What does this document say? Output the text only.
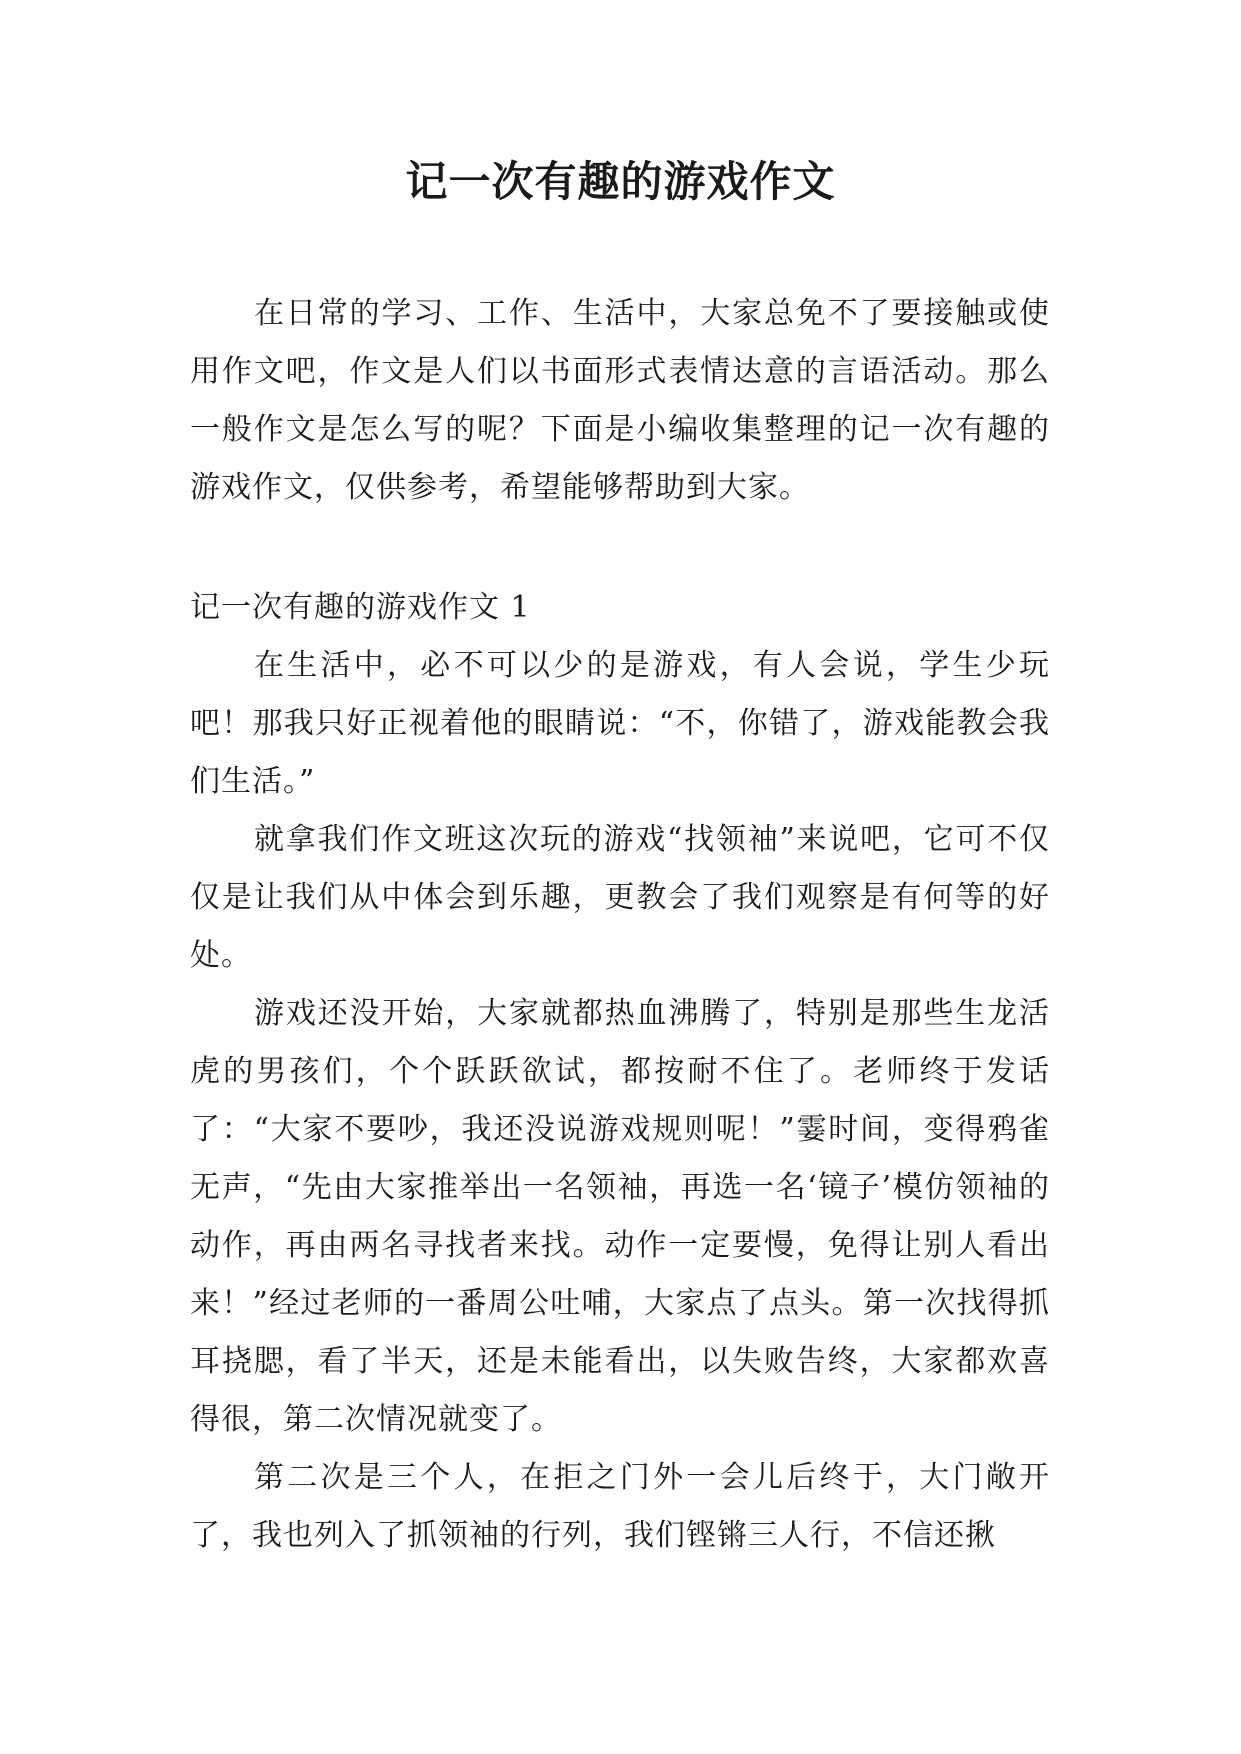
记一次有趣的游戏作文

在日常的学习、工作、生活中，大家总免不了要接触或使用作文吧，作文是人们以书面形式表情达意的言语活动。那么一般作文是怎么写的呢？下面是小编收集整理的记一次有趣的游戏作文，仅供参考，希望能够帮助到大家。

记一次有趣的游戏作文 1

在生活中，必不可以少的是游戏，有人会说，学生少玩吧！那我只好正视着他的眼睛说：“不，你错了，游戏能教会我们生活。”

就拿我们作文班这次玩的游戏“找领袖”来说吧，它可不仅仅是让我们从中体会到乐趣，更教会了我们观察是有何等的好处。

游戏还没开始，大家就都热血沸腾了，特别是那些生龙活虎的男孩们，个个跃跃欲试，都按耐不住了。老师终于发话了：“大家不要吵，我还没说游戏规则呢！”霎时间，变得鸦雀无声，“先由大家推举出一名领袖，再选一名‘镜子’模仿领袖的动作，再由两名寻找者来找。动作一定要慢，免得让别人看出来！”经过老师的一番周公吐哺，大家点了点头。第一次找得抓耳挠腮，看了半天，还是未能看出，以失败告终，大家都欢喜得很，第二次情况就变了。

第二次是三个人，在拒之门外一会儿后终于，大门敞开了，我也列入了抓领袖的行列，我们铿锵三人行，不信还揪
